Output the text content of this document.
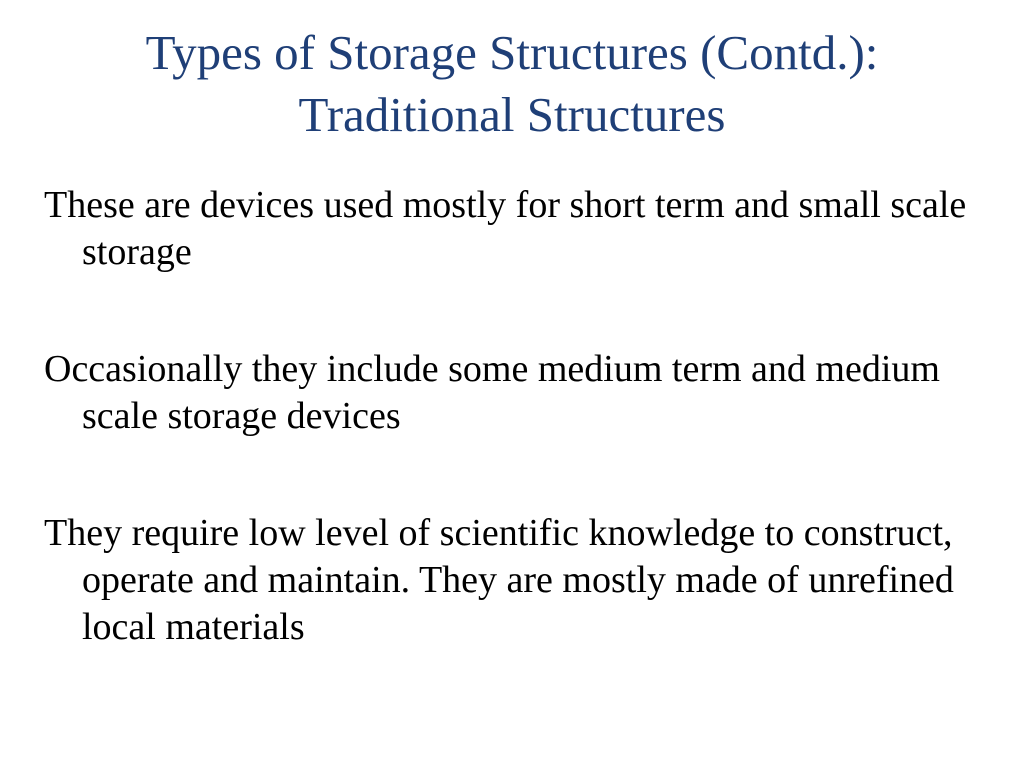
Types of Storage Structures (Contd.):
Traditional Structures

These are devices used mostly for short term and small scale storage

Occasionally they include some medium term and medium scale storage devices

They require low level of scientific knowledge to construct, operate and maintain. They are mostly made of unrefined local materials
